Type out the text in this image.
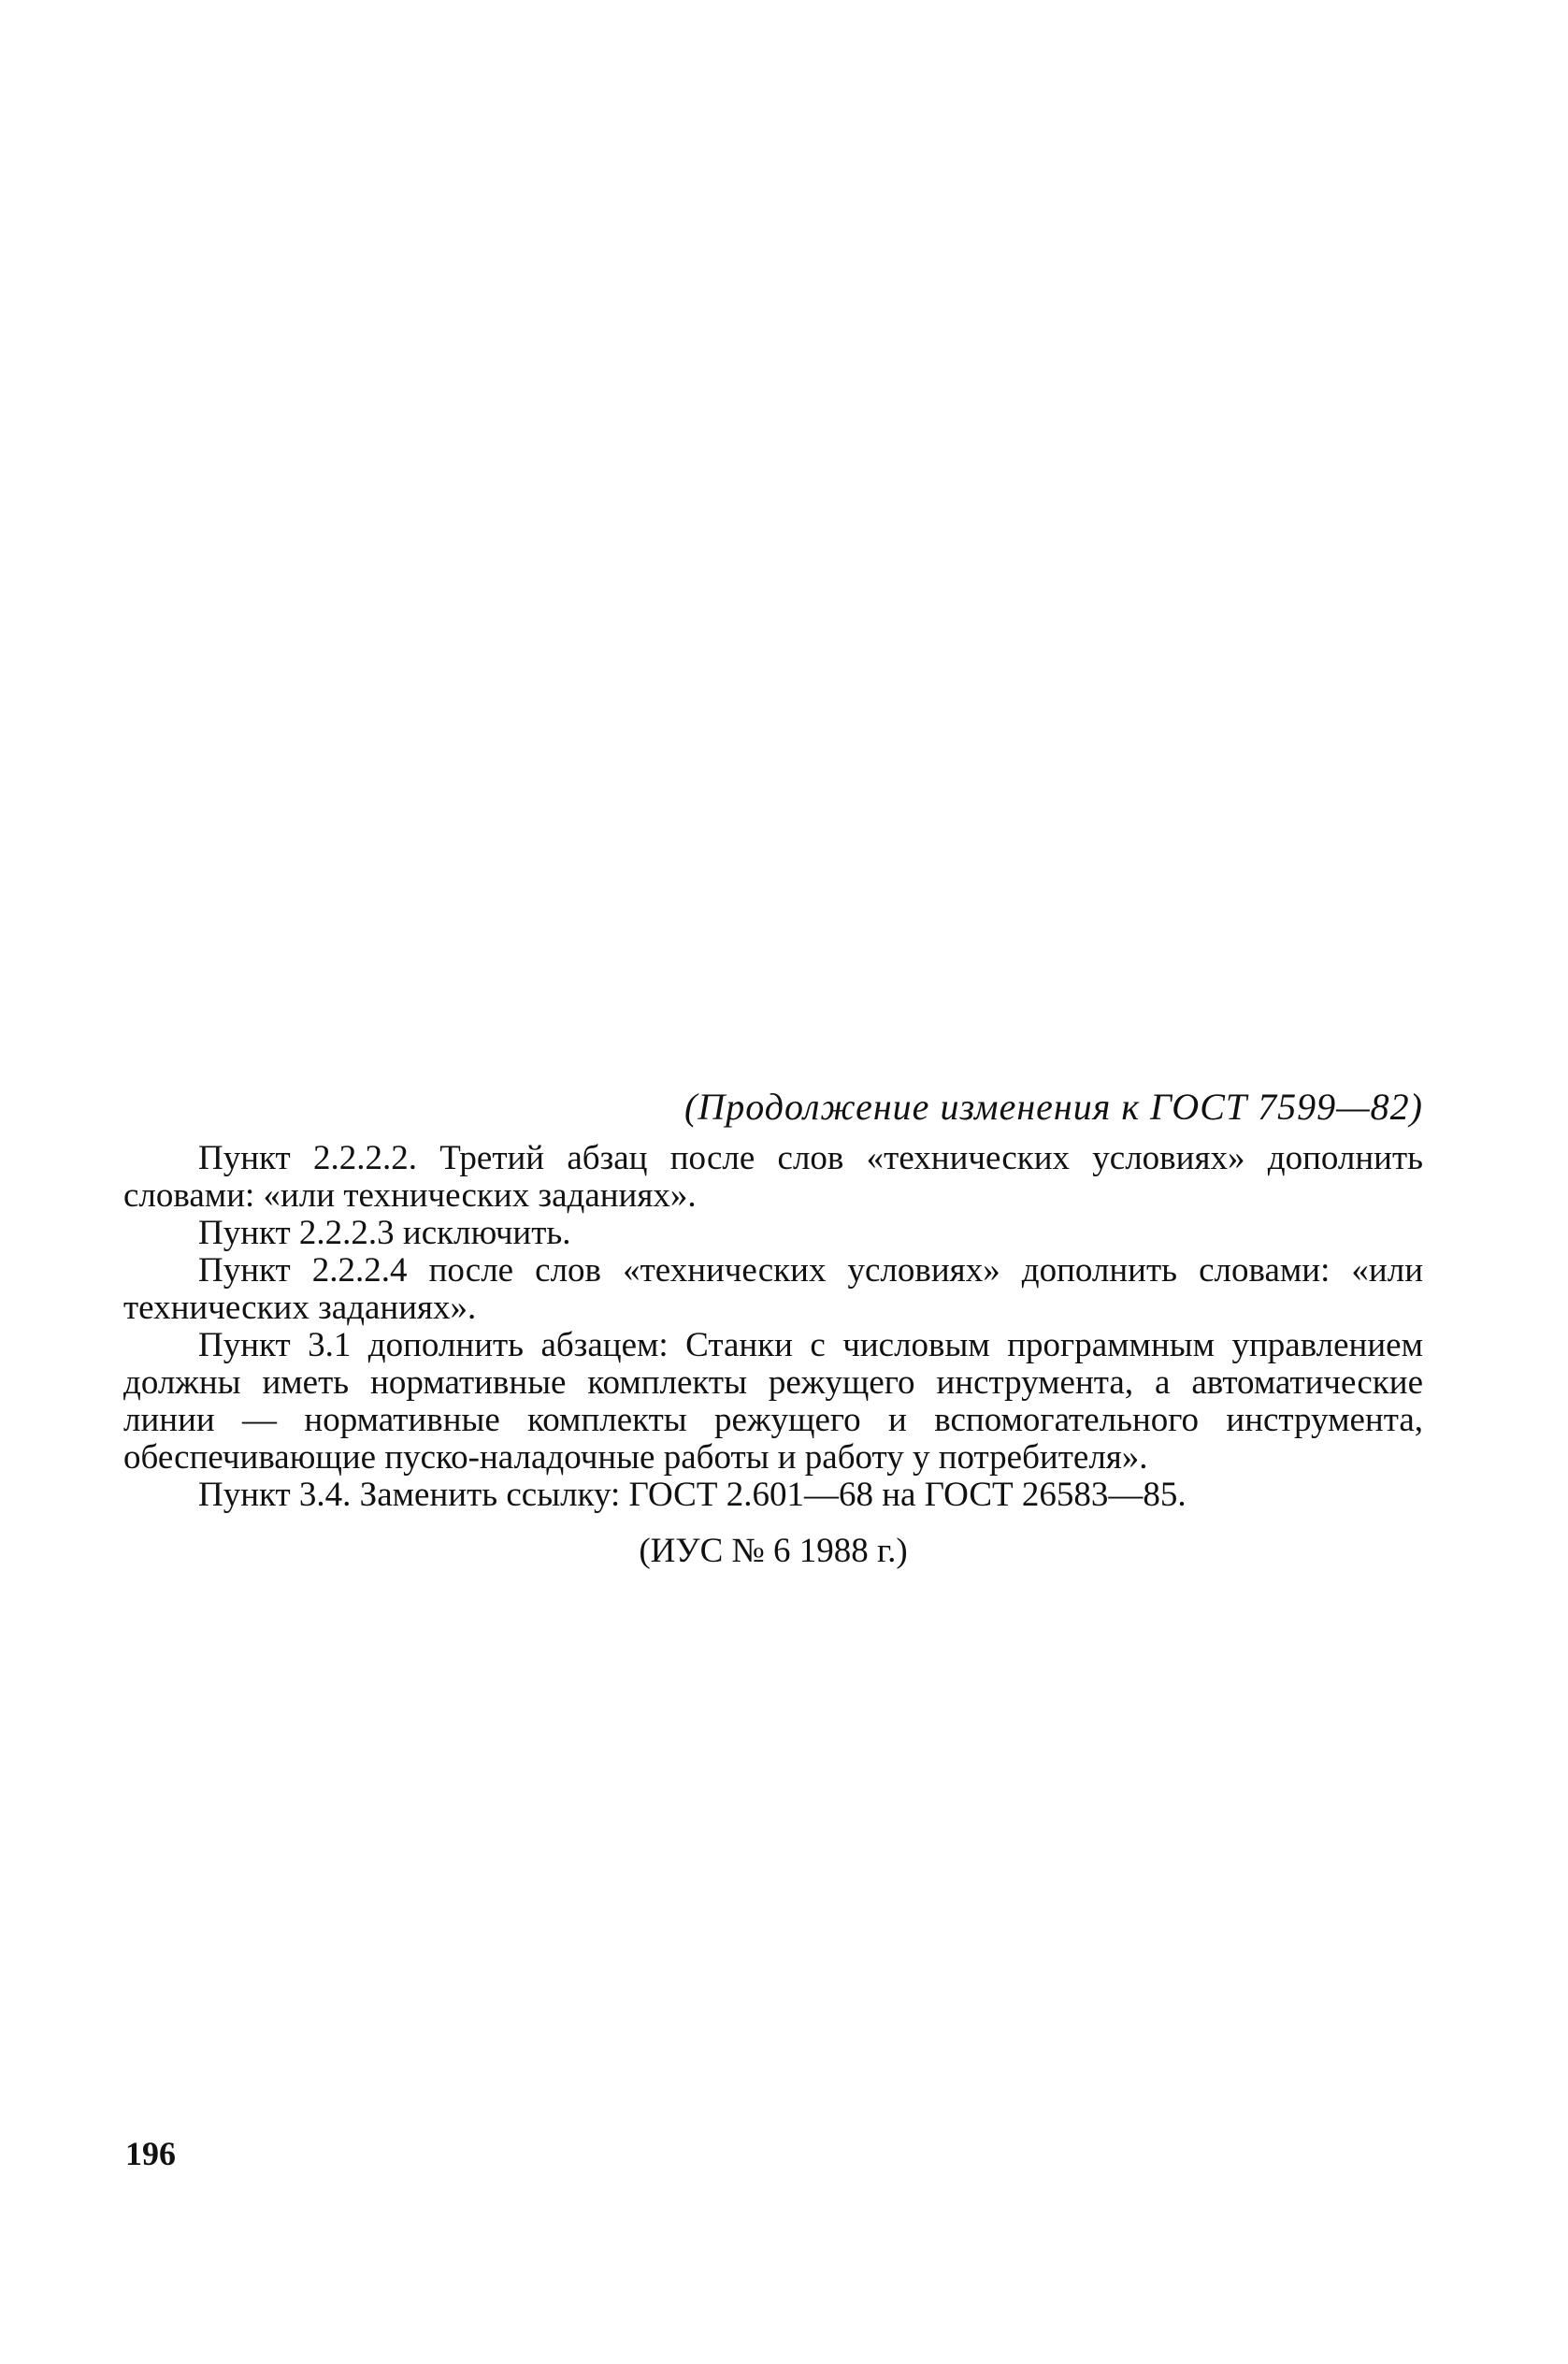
(Продолжение изменения к ГОСТ 7599—82)

Пункт 2.2.2.2. Третий абзац после слов «технических условиях» дополнить словами: «или технических заданиях».

Пункт 2.2.2.3 исключить.

Пункт 2.2.2.4 после слов «технических условиях» дополнить словами: «или технических заданиях».

Пункт 3.1 дополнить абзацем: Станки с числовым программным управлением должны иметь нормативные комплекты режущего инструмента, а автоматические линии — нормативные комплекты режущего и вспомогательного инструмента, обеспечивающие пуско-наладочные работы и работу у потребителя».

Пункт 3.4. Заменить ссылку: ГОСТ 2.601—68 на ГОСТ 26583—85.

(ИУС № 6 1988 г.)
196
